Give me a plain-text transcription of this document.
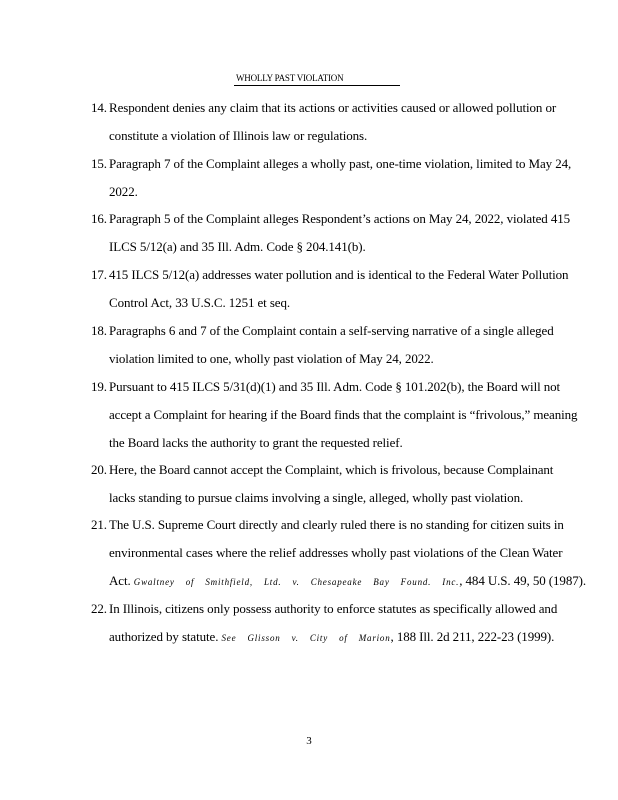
WHOLLY PAST VIOLATION
14. Respondent denies any claim that its actions or activities caused or allowed pollution or
constitute a violation of Illinois law or regulations.
15. Paragraph 7 of the Complaint alleges a wholly past, one-time violation, limited to May 24,
2022.
16. Paragraph 5 of the Complaint alleges Respondent’s actions on May 24, 2022, violated 415
ILCS 5/12(a) and 35 Ill. Adm. Code § 204.141(b).
17. 415 ILCS 5/12(a) addresses water pollution and is identical to the Federal Water Pollution
Control Act, 33 U.S.C. 1251 et seq.
18. Paragraphs 6 and 7 of the Complaint contain a self-serving narrative of a single alleged
violation limited to one, wholly past violation of May 24, 2022.
19. Pursuant to 415 ILCS 5/31(d)(1) and 35 Ill. Adm. Code § 101.202(b), the Board will not
accept a Complaint for hearing if the Board finds that the complaint is “frivolous,” meaning
the Board lacks the authority to grant the requested relief.
20. Here, the Board cannot accept the Complaint, which is frivolous, because Complainant
lacks standing to pursue claims involving a single, alleged, wholly past violation.
21. The U.S. Supreme Court directly and clearly ruled there is no standing for citizen suits in
environmental cases where the relief addresses wholly past violations of the Clean Water
Act. Gwaltney of Smithfield, Ltd. v. Chesapeake Bay Found. Inc., 484 U.S. 49, 50 (1987).
22. In Illinois, citizens only possess authority to enforce statutes as specifically allowed and
authorized by statute. See Glisson v. City of Marion, 188 Ill. 2d 211, 222-23 (1999).
3
